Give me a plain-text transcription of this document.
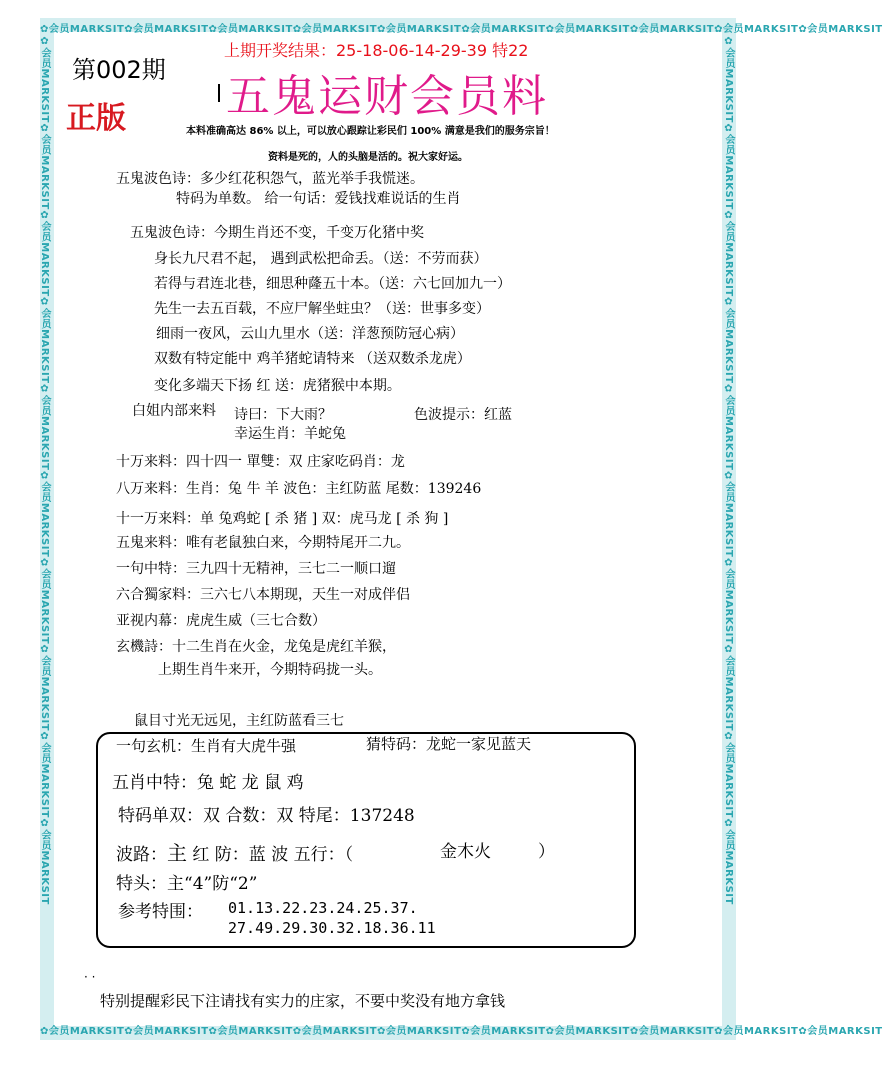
✿会员MARKSIT✿会员MARKSIT✿会员MARKSIT✿会员MARKSIT✿会员MARKSIT✿会员MARKSIT✿会员MARKSIT✿会员MARKSIT✿会员MARKSIT✿会员MARKSIT
✿会员MARKSIT✿会员MARKSIT✿会员MARKSIT✿会员MARKSIT✿会员MARKSIT✿会员MARKSIT✿会员MARKSIT✿会员MARKSIT✿会员MARKSIT✿会员MARKSIT
✿会员MARKSIT✿会员MARKSIT✿会员MARKSIT✿会员MARKSIT✿会员MARKSIT✿会员MARKSIT✿会员MARKSIT✿会员MARKSIT✿会员MARKSIT✿会员MARKSIT	✿会员MARKSIT✿会员MARKSIT✿会员MARKSIT✿会员MARKSIT✿会员MARKSIT✿会员MARKSIT✿会员MARKSIT✿会员MARKSIT✿会员MARKSIT✿会员MARKSIT
第002期
正版
上期开奖结果：25-18-06-14-29-39 特22
五鬼运财会员料
本料准确高达 86% 以上，可以放心跟踪让彩民们 100% 满意是我们的服务宗旨！
资料是死的，人的头脑是活的。祝大家好运。
五鬼波色诗：多少红花积怨气，蓝光举手我慌迷。
特码为单数。 给一句话：爱钱找难说话的生肖
五鬼波色诗：今期生肖还不变，千变万化猪中奖
身长九尺君不起， 遇到武松把命丢。（送：不劳而获）
若得与君连北巷，细思种蕯五十本。（送：六七回加九一）
先生一去五百载，不应尸解坐蛀虫？（送：世事多变）
细雨一夜风，云山九里水（送：洋葱预防冠心病）
双数有特定能中 鸡羊猪蛇请特来 （送双数杀龙虎）
变化多端天下扬 红 送：虎猪猴中本期。
白姐内部来料 诗曰：下大雨？	色波提示：红蓝
幸运生肖：羊蛇兔
十万来料：四十四一 單雙：双 庄家吃码肖：龙
八万来料：生肖：兔 牛 羊 波色：主红防蓝 尾数：139246
十一万来料：单 兔鸡蛇 [ 杀 猪 ] 双：虎马龙 [ 杀 狗 ]
五鬼来料：唯有老鼠独白来，今期特尾开二九。
一句中特：三九四十无精神，三七二一顺口遛
六合獨家料：三六七八本期现，天生一对成伴侣
亚视内幕：虎虎生威（三七合数）
玄機詩：十二生肖在火金，龙兔是虎红羊猴，
上期生肖牛来开，今期特码拢一头。
鼠目寸光无远见，主红防蓝看三七
一句玄机：生肖有大虎牛强	猜特码：龙蛇一家见蓝天
五肖中特：兔 蛇 龙 鼠 鸡
特码单双：双 合数：双 特尾：137248
波路：主 红 防：蓝 波 五行：（	金木火	）
特头：主“4”防“2”
参考特围： 01.13.22.23.24.25.37.
27.49.29.30.32.18.36.11
· ·
特别提醒彩民下注请找有实力的庄家，不要中奖没有地方拿钱
